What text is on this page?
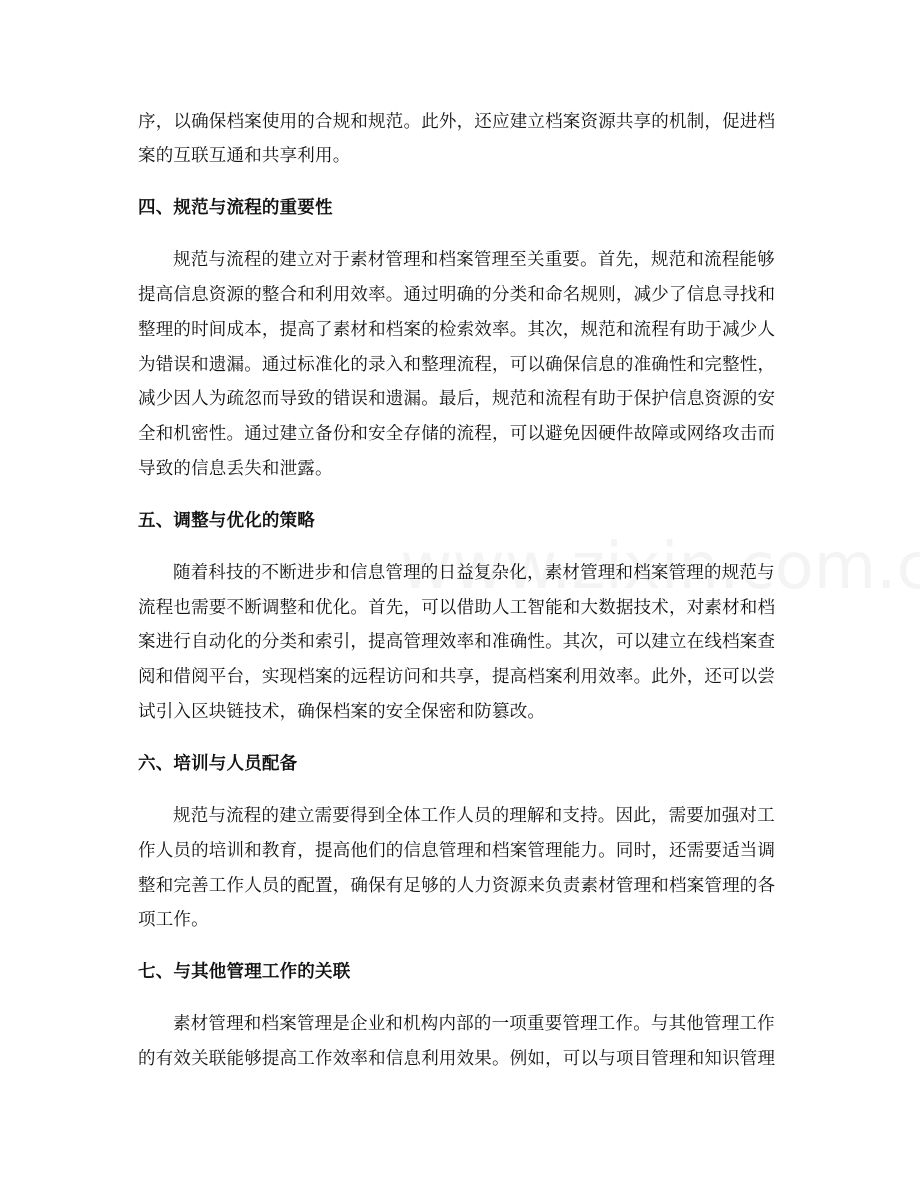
序，以确保档案使用的合规和规范。此外，还应建立档案资源共享的机制，促进档
案的互联互通和共享利用。
四、规范与流程的重要性
规范与流程的建立对于素材管理和档案管理至关重要。首先，规范和流程能够
提高信息资源的整合和利用效率。通过明确的分类和命名规则，减少了信息寻找和
整理的时间成本，提高了素材和档案的检索效率。其次，规范和流程有助于减少人
为错误和遗漏。通过标准化的录入和整理流程，可以确保信息的准确性和完整性，
减少因人为疏忽而导致的错误和遗漏。最后，规范和流程有助于保护信息资源的安
全和机密性。通过建立备份和安全存储的流程，可以避免因硬件故障或网络攻击而
导致的信息丢失和泄露。
五、调整与优化的策略
随着科技的不断进步和信息管理的日益复杂化，素材管理和档案管理的规范与
流程也需要不断调整和优化。首先，可以借助人工智能和大数据技术，对素材和档
案进行自动化的分类和索引，提高管理效率和准确性。其次，可以建立在线档案查
阅和借阅平台，实现档案的远程访问和共享，提高档案利用效率。此外，还可以尝
试引入区块链技术，确保档案的安全保密和防篡改。
六、培训与人员配备
规范与流程的建立需要得到全体工作人员的理解和支持。因此，需要加强对工
作人员的培训和教育，提高他们的信息管理和档案管理能力。同时，还需要适当调
整和完善工作人员的配置，确保有足够的人力资源来负责素材管理和档案管理的各
项工作。
七、与其他管理工作的关联
素材管理和档案管理是企业和机构内部的一项重要管理工作。与其他管理工作
的有效关联能够提高工作效率和信息利用效果。例如，可以与项目管理和知识管理
